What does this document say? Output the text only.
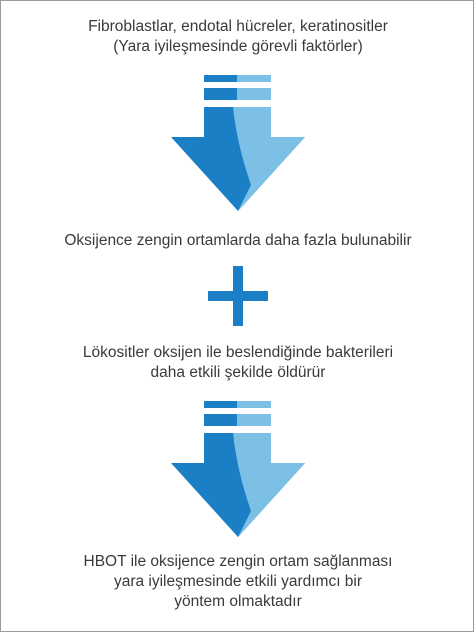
Fibroblastlar, endotal hücreler, keratinositler
(Yara iyileşmesinde görevli faktörler)
Oksijence zengin ortamlarda daha fazla bulunabilir
Lökositler oksijen ile beslendiğinde bakterileri
daha etkili şekilde öldürür
HBOT ile oksijence zengin ortam sağlanması
yara iyileşmesinde etkili yardımcı bir
yöntem olmaktadır
